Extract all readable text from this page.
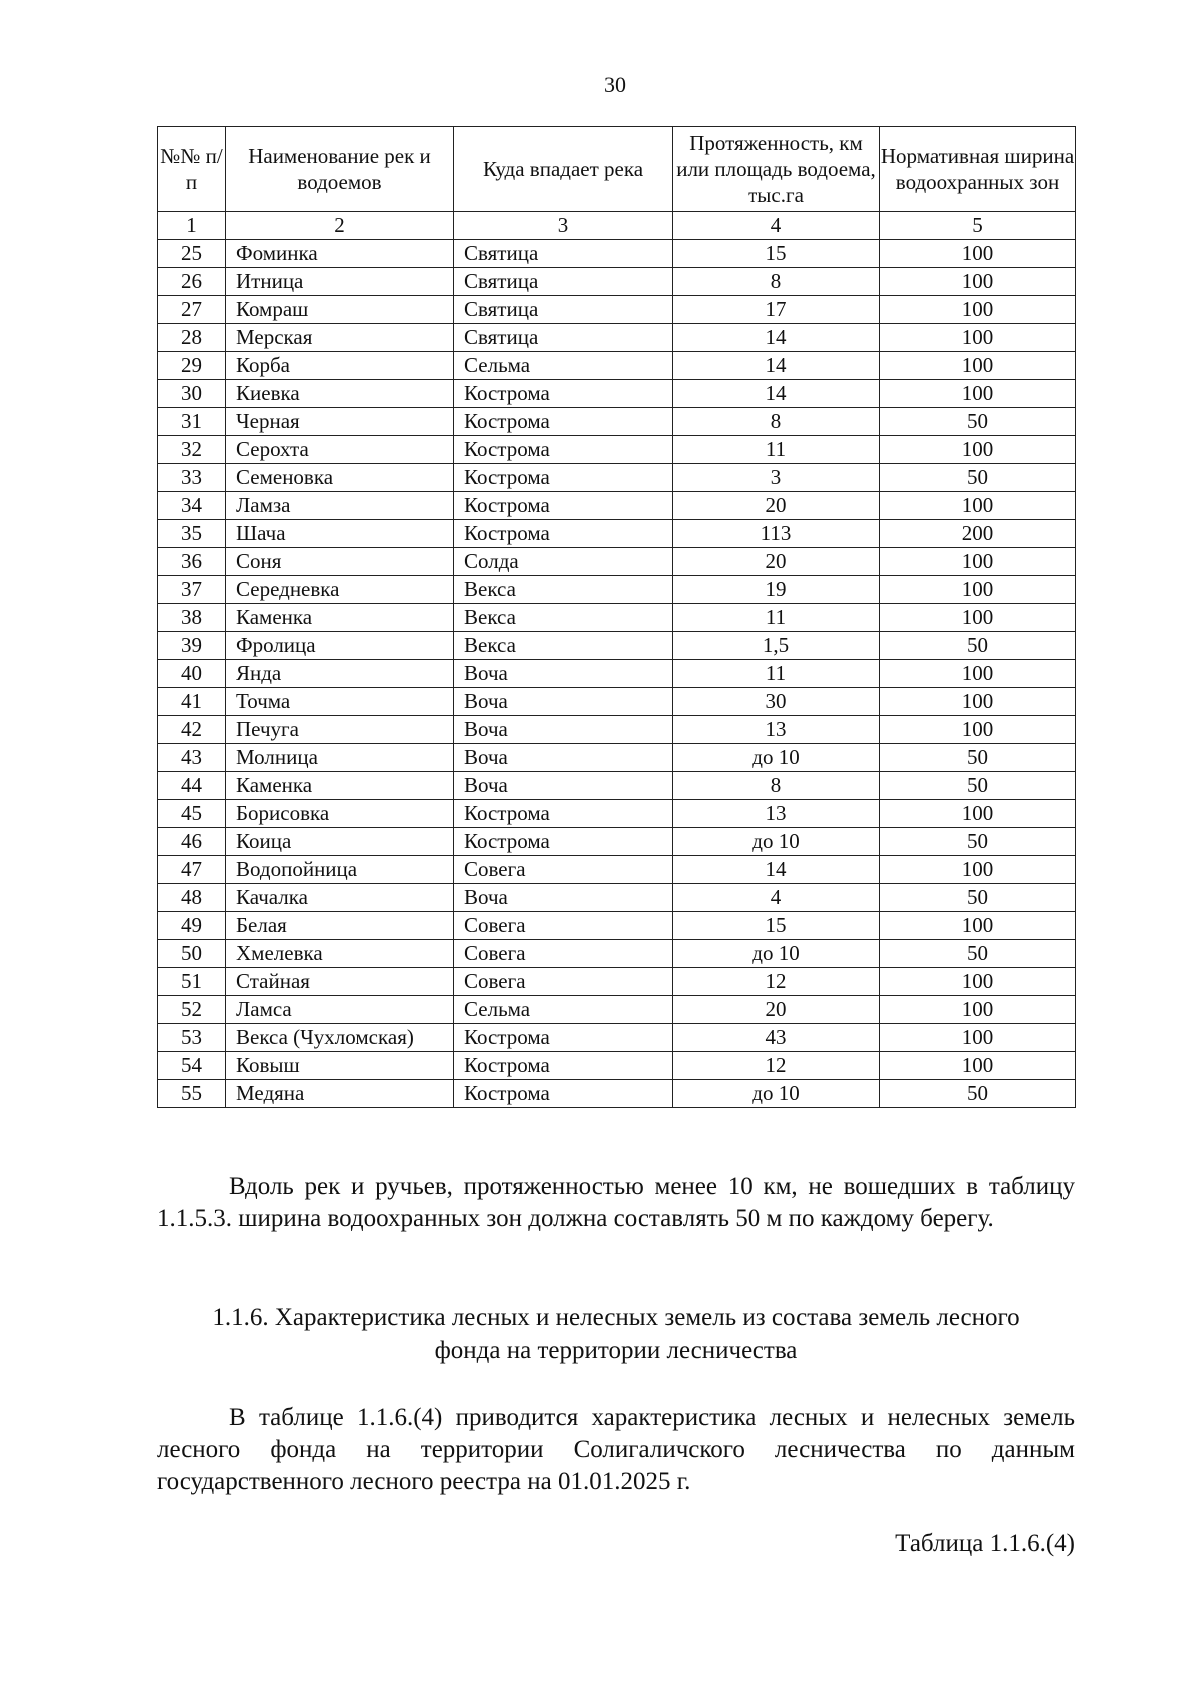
30
№№ п/п	Наименование рек и водоемов	Куда впадает река	Протяженность, км или площадь водоема, тыс.га	Нормативная ширина водоохранных зон
1	2	3	4	5
25	Фоминка	Святица	15	100
26	Итница	Святица	8	100
27	Комраш	Святица	17	100
28	Мерская	Святица	14	100
29	Корба	Сельма	14	100
30	Киевка	Кострома	14	100
31	Черная	Кострома	8	50
32	Серохта	Кострома	11	100
33	Семеновка	Кострома	3	50
34	Ламза	Кострома	20	100
35	Шача	Кострома	113	200
36	Соня	Солда	20	100
37	Середневка	Векса	19	100
38	Каменка	Векса	11	100
39	Фролица	Векса	1,5	50
40	Янда	Воча	11	100
41	Точма	Воча	30	100
42	Печуга	Воча	13	100
43	Молница	Воча	до 10	50
44	Каменка	Воча	8	50
45	Борисовка	Кострома	13	100
46	Коица	Кострома	до 10	50
47	Водопойница	Совега	14	100
48	Качалка	Воча	4	50
49	Белая	Совега	15	100
50	Хмелевка	Совега	до 10	50
51	Стайная	Совега	12	100
52	Ламса	Сельма	20	100
53	Векса (Чухломская)	Кострома	43	100
54	Ковыш	Кострома	12	100
55	Медяна	Кострома	до 10	50
Вдоль рек и ручьев, протяженностью менее 10 км, не вошедших в таблицу 1.1.5.3. ширина водоохранных зон должна составлять 50 м по каждому берегу.
1.1.6. Характеристика лесных и нелесных земель из состава земель лесного
фонда на территории лесничества
В таблице 1.1.6.(4) приводится характеристика лесных и нелесных земель лесного фонда на территории Солигаличского лесничества по данным государственного лесного реестра на 01.01.2025 г.
Таблица 1.1.6.(4)
